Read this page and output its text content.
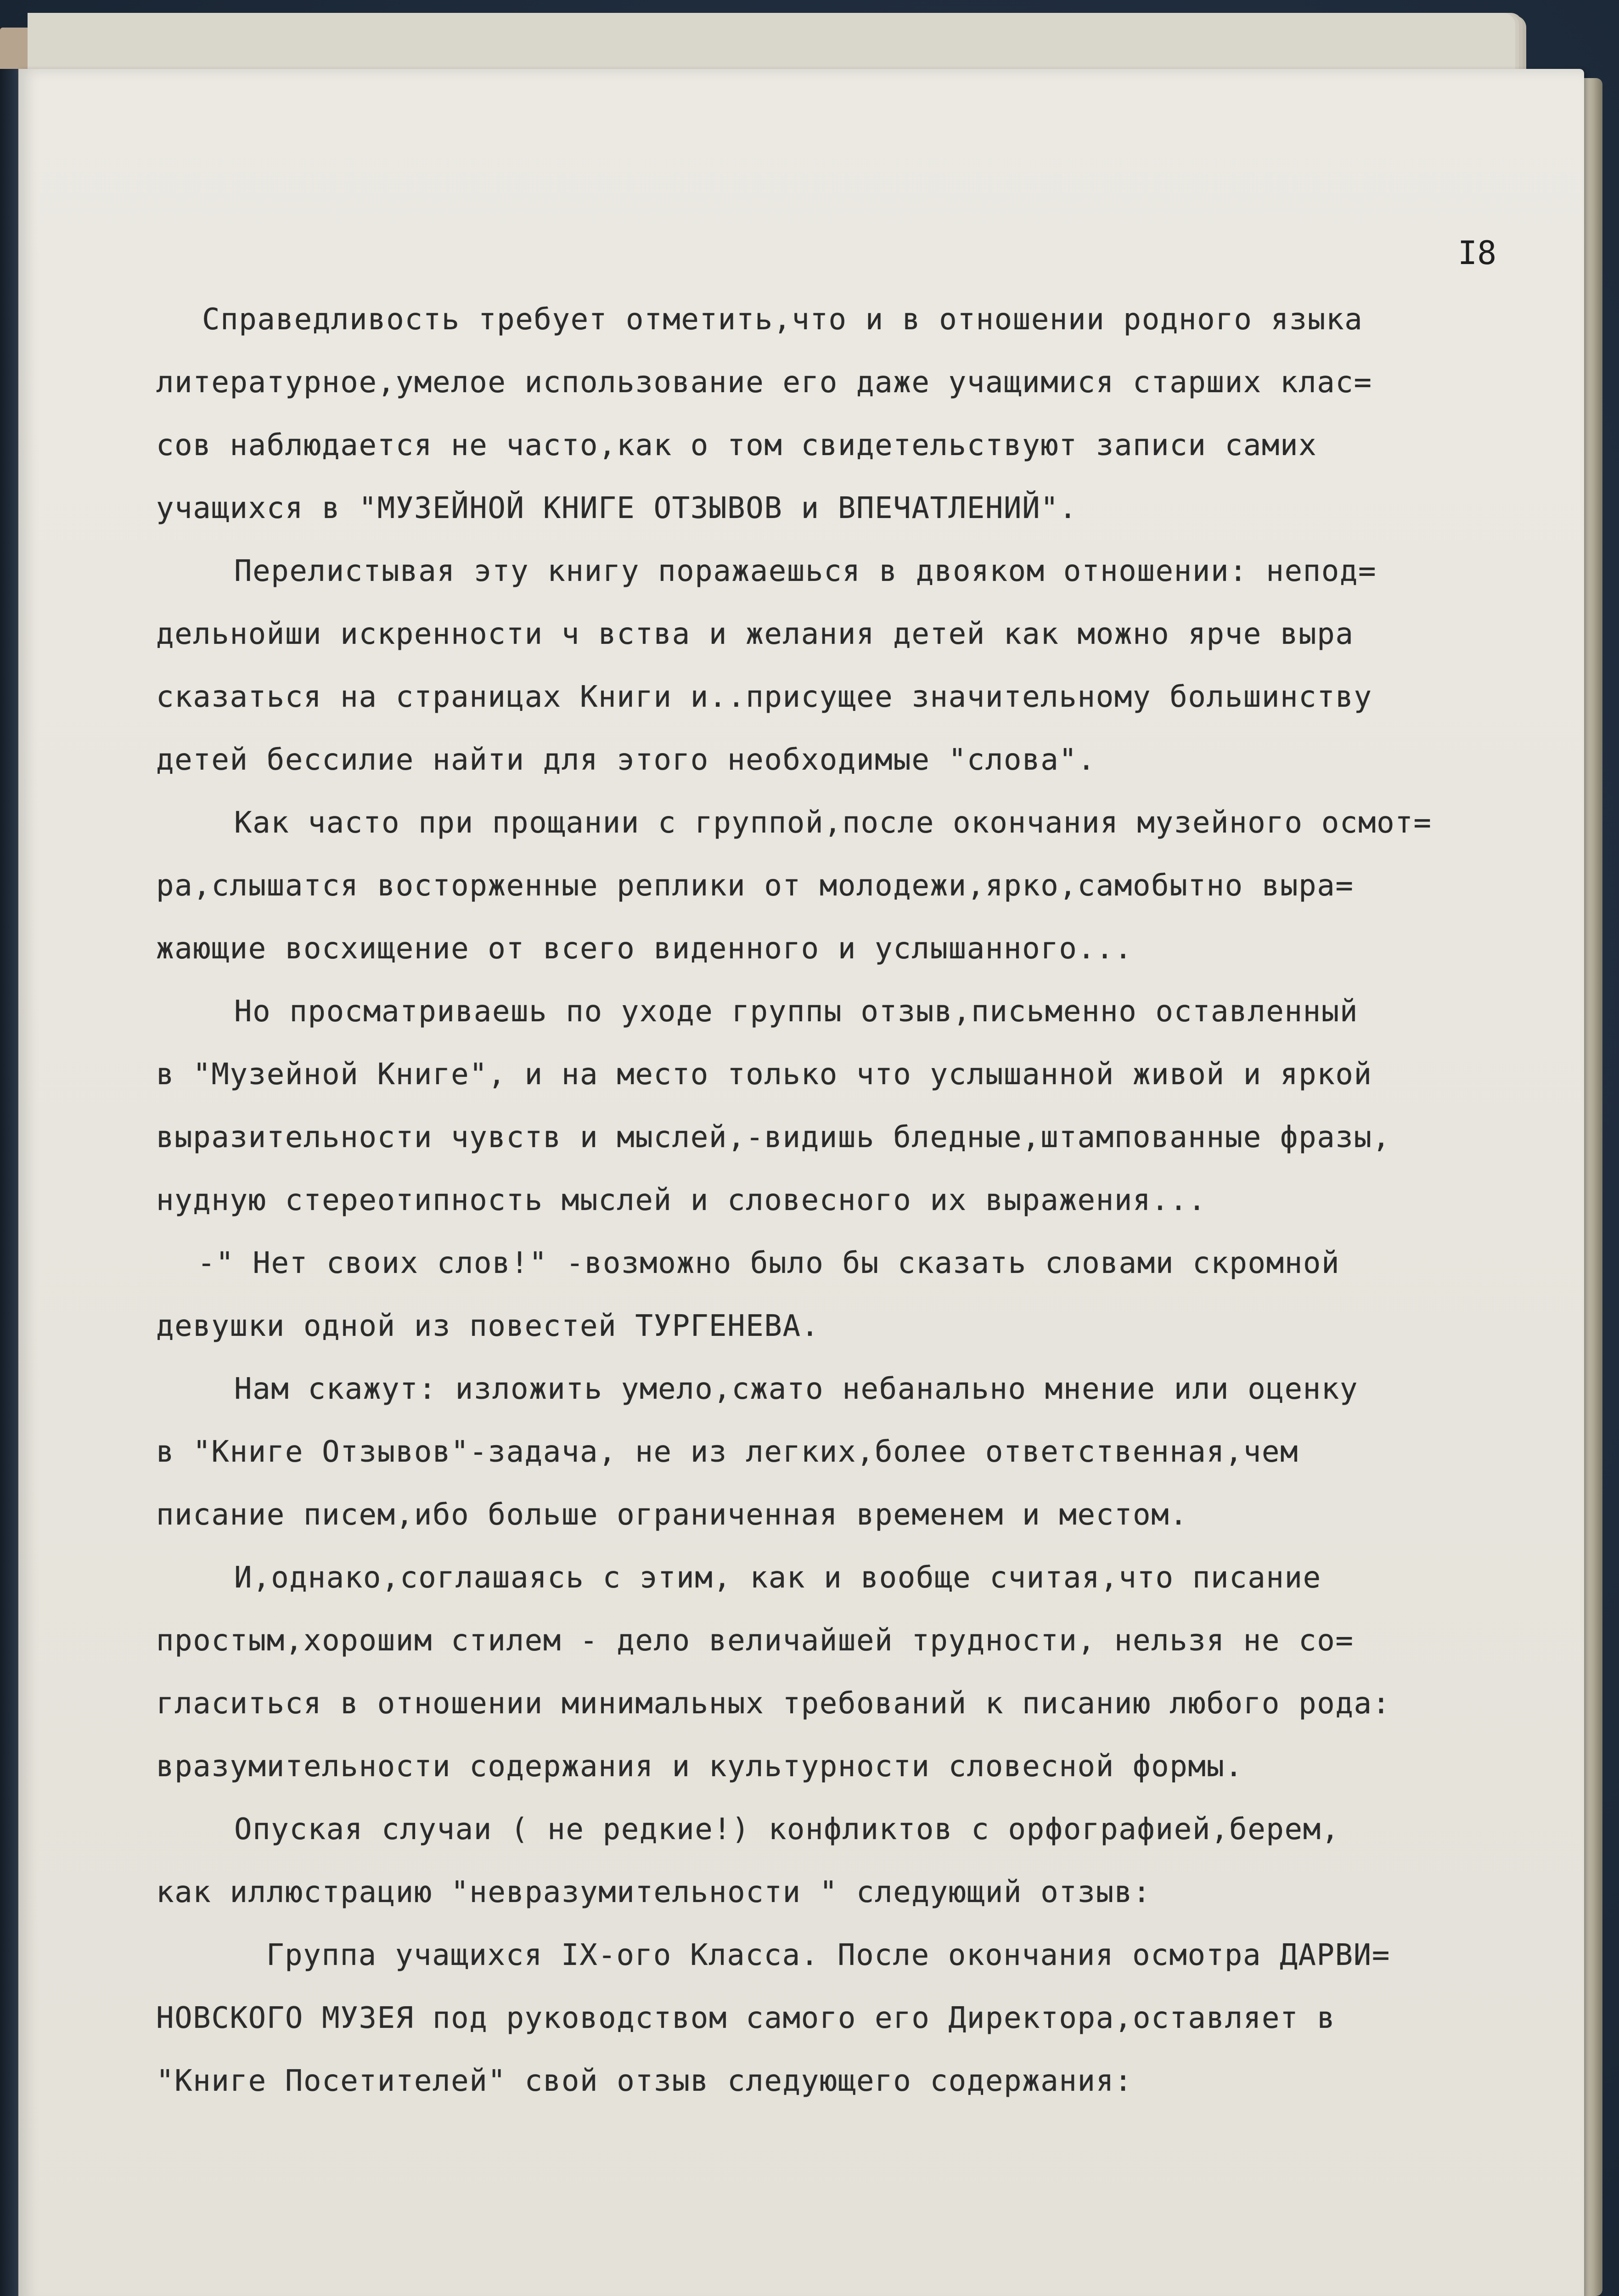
I8
Справедливость требует отметить,что и в отношении родного языка
литературное,умелое использование его даже учащимися старших клас=
сов наблюдается не часто,как о том свидетельствуют записи самих
учащихся в "МУЗЕЙНОЙ КНИГЕ ОТЗЫВОВ и ВПЕЧАТЛЕНИЙ".
Перелистывая эту книгу поражаешься в двояком отношении: непод=
дельнойши искренности ч вства и желания детей как можно ярче выра
сказаться на страницах Книги и..присущее значительному большинству
детей бессилие найти для этого необходимые "слова".
Как часто при прощании с группой,после окончания музейного осмот=
ра,слышатся восторженные реплики от молодежи,ярко,самобытно выра=
жающие восхищение от всего виденного и услышанного...
Но просматриваешь по уходе группы отзыв,письменно оставленный
в "Музейной Книге", и на место только что услышанной живой и яркой
выразительности чувств и мыслей,-видишь бледные,штампованные фразы,
нудную стереотипность мыслей и словесного их выражения...
-" Нет своих слов!" -возможно было бы сказать словами скромной
девушки одной из повестей ТУРГЕНЕВА.
Нам скажут: изложить умело,сжато небанально мнение или оценку
в "Книге Отзывов"-задача, не из легких,более ответственная,чем
писание писем,ибо больше ограниченная временем и местом.
И,однако,соглашаясь с этим, как и вообще считая,что писание
простым,хорошим стилем - дело величайшей трудности, нельзя не со=
гласиться в отношении минимальных требований к писанию любого рода:
вразумительности содержания и культурности словесной формы.
Опуская случаи ( не редкие!) конфликтов с орфографией,берем,
как иллюстрацию "невразумительности " следующий отзыв:
Группа учащихся IX-ого Класса. После окончания осмотра ДАРВИ=
НОВСКОГО МУЗЕЯ под руководством самого его Директора,оставляет в
"Книге Посетителей" свой отзыв следующего содержания:
